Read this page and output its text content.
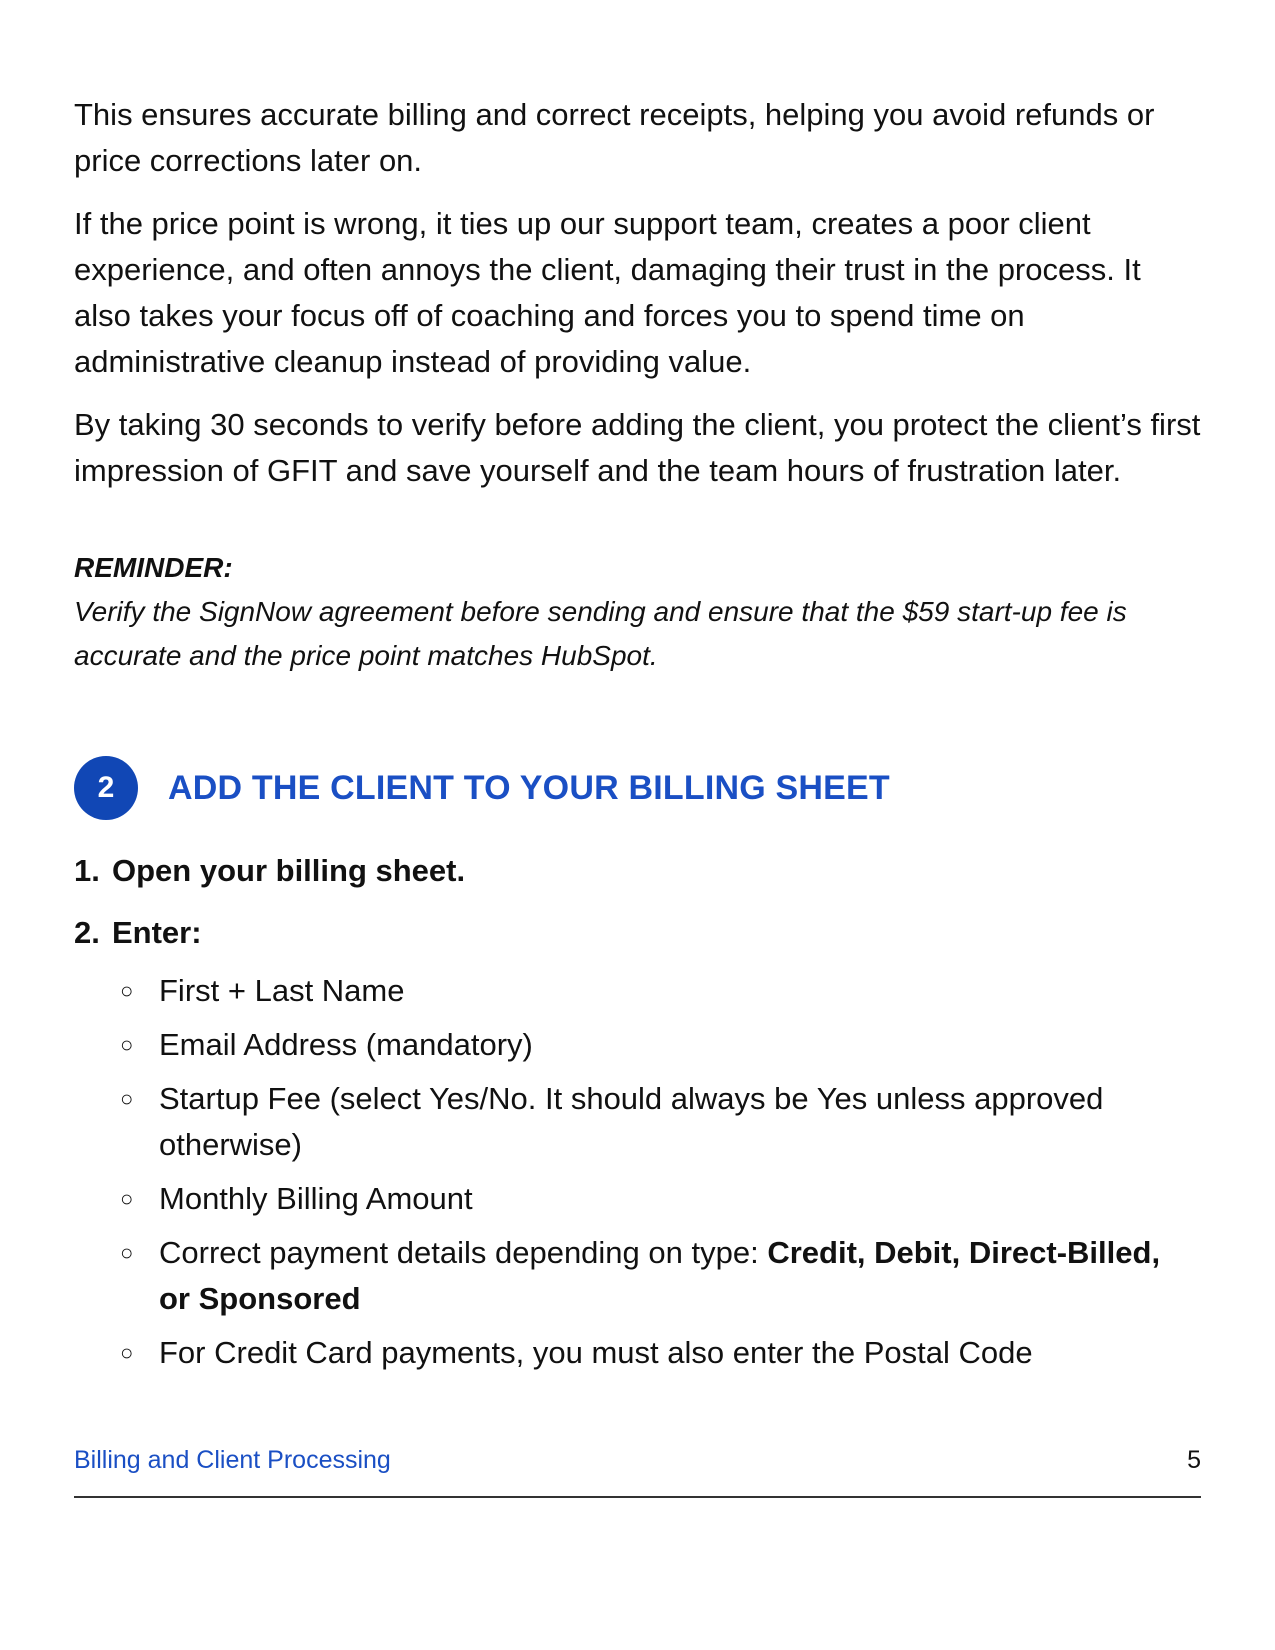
This ensures accurate billing and correct receipts, helping you avoid refunds or price corrections later on.

If the price point is wrong, it ties up our support team, creates a poor client experience, and often annoys the client, damaging their trust in the process. It also takes your focus off of coaching and forces you to spend time on administrative cleanup instead of providing value.

By taking 30 seconds to verify before adding the client, you protect the client’s first impression of GFIT and save yourself and the team hours of frustration later.

REMINDER:
Verify the SignNow agreement before sending and ensure that the $59 start-up fee is accurate and the price point matches HubSpot.
2	ADD THE CLIENT TO YOUR BILLING SHEET
1. Open your billing sheet.
2. Enter:
○ First + Last Name
○ Email Address (mandatory)
○ Startup Fee (select Yes/No. It should always be Yes unless approved otherwise)
○ Monthly Billing Amount
○ Correct payment details depending on type: Credit, Debit, Direct-Billed, or Sponsored
○ For Credit Card payments, you must also enter the Postal Code
Billing and Client Processing	5
